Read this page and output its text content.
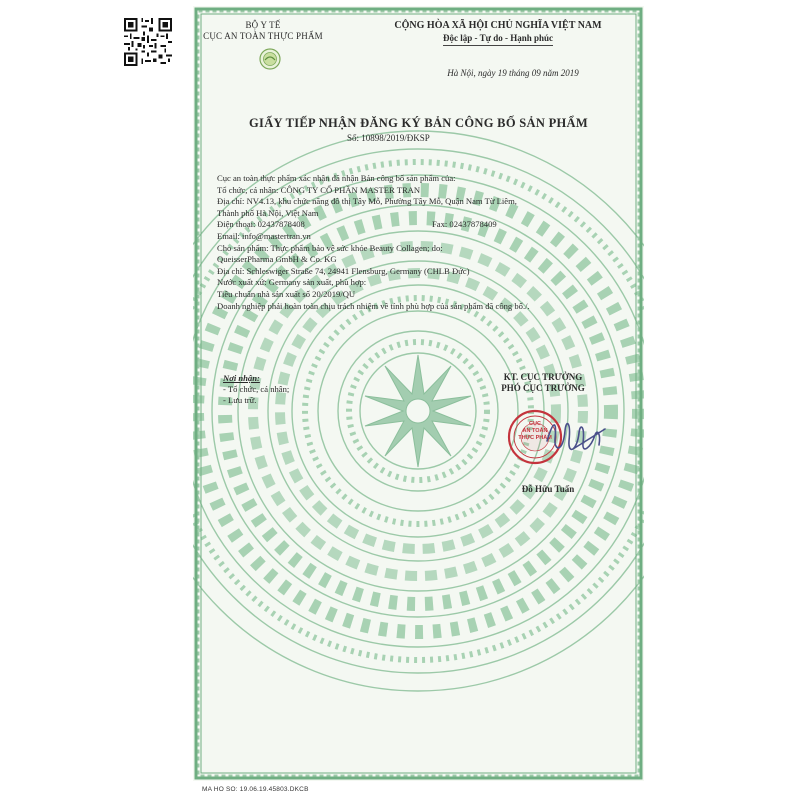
BỘ Y TẾ
CỤC AN TOÀN THỰC PHẨM
CỘNG HÒA XÃ HỘI CHỦ NGHĨA VIỆT NAM
Độc lập - Tự do - Hạnh phúc
Hà Nội, ngày 19 tháng 09 năm 2019
GIẤY TIẾP NHẬN ĐĂNG KÝ BẢN CÔNG BỐ SẢN PHẨM
Số: 10898/2019/ĐKSP
Cục an toàn thực phẩm xác nhận đã nhận Bản công bố sản phẩm của:
Tổ chức, cá nhân: CÔNG TY CỔ PHẦN MASTER TRAN
Địa chỉ: NV4.13, khu chức năng đô thị Tây Mỗ, Phường Tây Mỗ, Quận Nam Từ Liêm,
Thành phố Hà Nội, Việt Nam
Điện thoại: 02437878408	Fax: 02437878409
Email: info@mastertran.vn
Cho sản phẩm: Thực phẩm bảo vệ sức khỏe Beauty Collagen; do:
QueisserPharma GmbH & Co. KG
Địa chỉ: Schleswiger Straße 74, 24941 Flensburg, Germany (CHLB Đức)
Nước xuất xứ: Germany sản xuất, phù hợp:
Tiêu chuẩn nhà sản xuất số 20/2019/QU
Doanh nghiệp phải hoàn toàn chịu trách nhiệm về tính phù hợp của sản phẩm đã công bố./.
Nơi nhận:
- Tổ chức, cá nhân;
- Lưu trữ.
KT. CỤC TRƯỞNG
PHÓ CỤC TRƯỞNG
CỤC
AN TOÀN
THỰC PHẨM
Đỗ Hữu Tuấn
MA HO SO: 19.06.19.45803.DKCB
